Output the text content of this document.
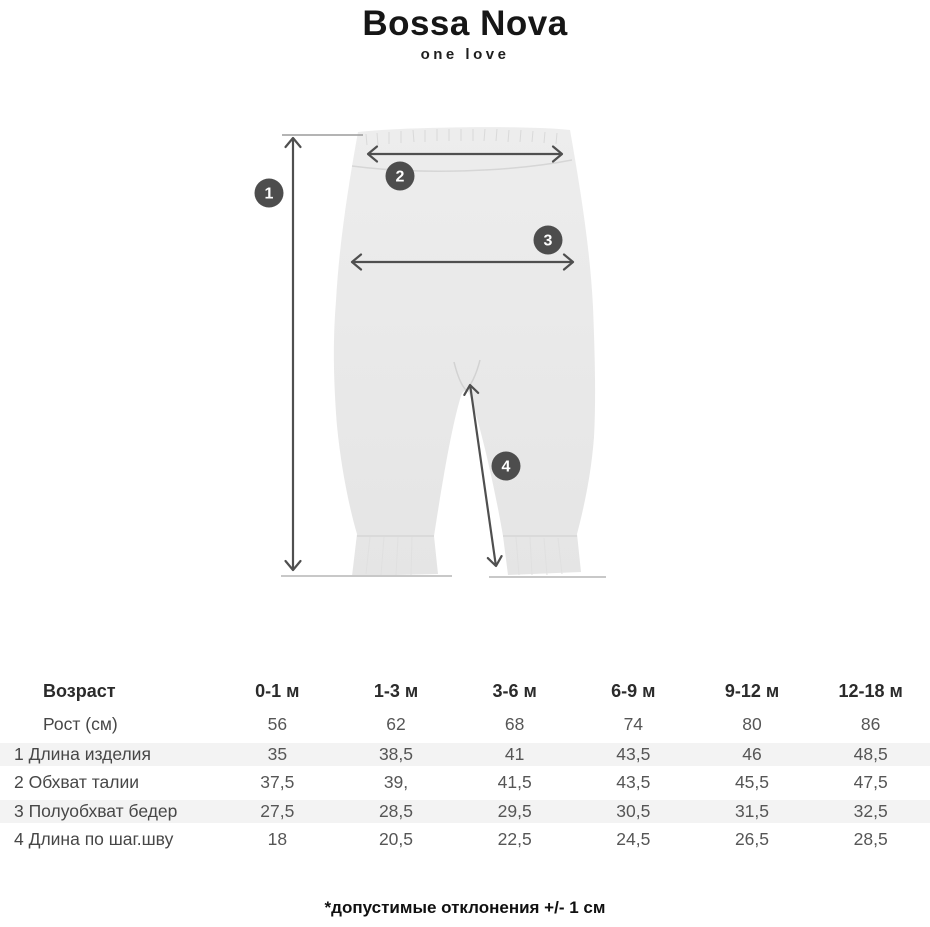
Bossa Nova
one love
1
2
3
4
Возраст	0-1 м	1-3 м	3-6 м	6-9 м	9-12 м	12-18 м
Рост (см)	56	62	68	74	80	86
1 Длина изделия	35	38,5	41	43,5	46	48,5
2 Обхват талии	37,5	39,	41,5	43,5	45,5	47,5
3 Полуобхват бедер	27,5	28,5	29,5	30,5	31,5	32,5
4 Длина по шаг.шву	18	20,5	22,5	24,5	26,5	28,5
*допустимые отклонения +/- 1 см
